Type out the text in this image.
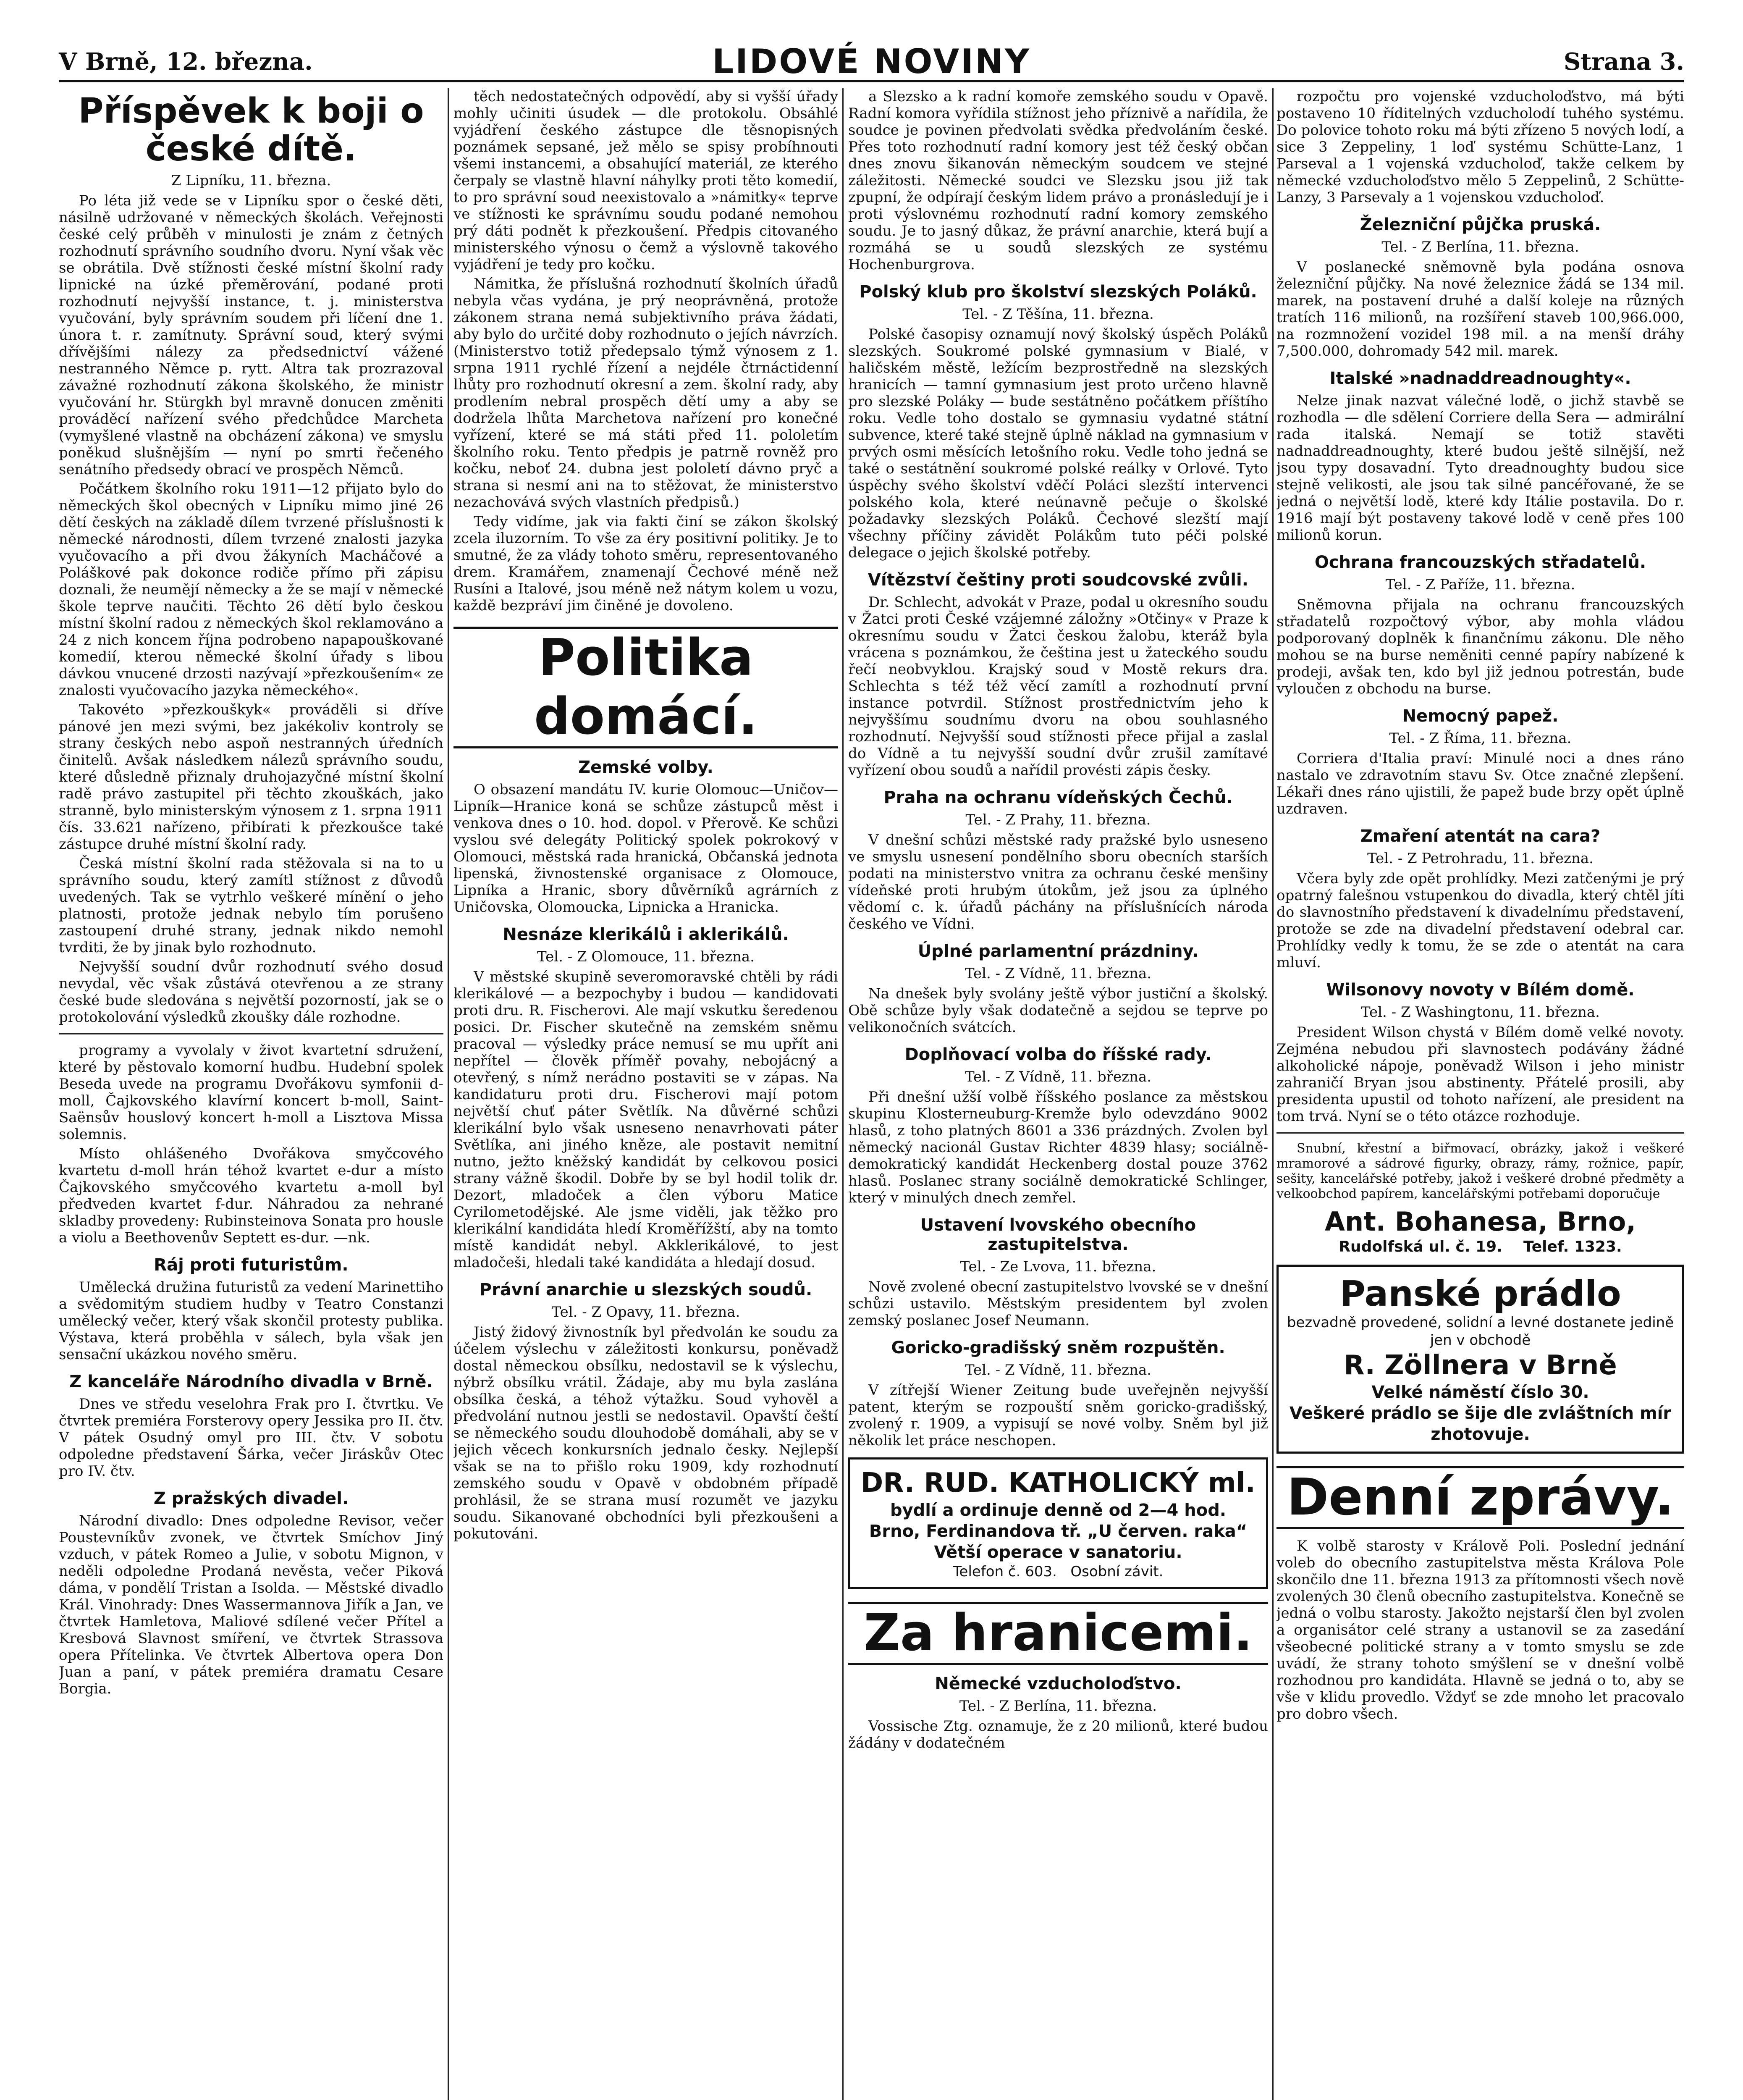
V Brně, 12. března.	LIDOVÉ NOVINY	Strana 3.
Příspěvek k boji o české dítě.
Z Lipníku, 11. března.

Po léta již vede se v Lipníku spor o české děti, násilně udržované v německých školách. Veřejnosti české celý průběh v minulosti je znám z četných rozhodnutí správního soudního dvoru. Nyní však věc se obrátila. Dvě stížnosti české místní školní rady lipnické na úzké přeměrování, podané proti rozhodnutí nejvyšší instance, t. j. ministerstva vyučování, byly správním soudem při líčení dne 1. února t. r. zamítnuty. Správní soud, který svými dřívějšími nálezy za předsednictví vážené nestranného Němce p. rytt. Altra tak prozrazoval závažné rozhodnutí zákona školského, že ministr vyučování hr. Stürgkh byl mravně donucen změniti prováděcí nařízení svého předchůdce Marcheta (vymyšlené vlastně na obcházení zákona) ve smyslu poněkud slušnějším — nyní po smrti řečeného senátního předsedy obrací ve prospěch Němců.

Počátkem školního roku 1911—12 přijato bylo do německých škol obecných v Lipníku mimo jiné 26 dětí českých na základě dílem tvrzené příslušnosti k německé národnosti, dílem tvrzené znalosti jazyka vyučovacího a při dvou žákyních Macháčové a Poláškové pak dokonce rodiče přímo při zápisu doznali, že neumějí německy a že se mají v německé škole teprve naučiti. Těchto 26 dětí bylo českou místní školní radou z německých škol reklamováno a 24 z nich koncem října podrobeno napapouškované komedií, kterou německé školní úřady s libou dávkou vnucené drzosti nazývají »přezkoušením« ze znalosti vyučovacího jazyka německého«.

Takovéto »přezkouškyk« prováděli si dříve pánové jen mezi svými, bez jakékoliv kontroly se strany českých nebo aspoň nestranných úředních činitelů. Avšak následkem nálezů správního soudu, které důsledně přiznaly druhojazyčné místní školní radě právo zastupitel při těchto zkouškách, jako stranně, bylo ministerským výnosem z 1. srpna 1911 čís. 33.621 nařízeno, přibírati k přezkoušce také zástupce druhé místní školní rady.

Česká místní školní rada stěžovala si na to u správního soudu, který zamítl stížnost z důvodů uvedených. Tak se vytrhlo veškeré mínění o jeho platnosti, protože jednak nebylo tím porušeno zastoupení druhé strany, jednak nikdo nemohl tvrditi, že by jinak bylo rozhodnuto.

Nejvyšší soudní dvůr rozhodnutí svého dosud nevydal, věc však zůstává otevřenou a ze strany české bude sledována s největší pozorností, jak se o protokolování výsledků zkoušky dále rozhodne.

programy a vyvolaly v život kvartetní sdružení, které by pěstovalo komorní hudbu. Hudební spolek Beseda uvede na programu Dvořákovu symfonii d-moll, Čajkovského klavírní koncert b-moll, Saint-Saënsův houslový koncert h-moll a Lisztova Missa solemnis.

Místo ohlášeného Dvořákova smyčcového kvartetu d-moll hrán téhož kvartet e-dur a místo Čajkovského smyčcového kvartetu a-moll byl předveden kvartet f-dur. Náhradou za nehrané skladby provedeny: Rubinsteinova Sonata pro housle a violu a Beethovenův Septett es-dur. —nk.

Ráj proti futuristům.

Umělecká družina futuristů za vedení Marinettiho a svědomitým studiem hudby v Teatro Constanzi umělecký večer, který však skončil protesty publika. Výstava, která proběhla v sálech, byla však jen sensační ukázkou nového směru.

Z kanceláře Národního divadla v Brně.

Dnes ve středu veselohra Frak pro I. čtvrtku. Ve čtvrtek premiéra Forsterovy opery Jessika pro II. čtv. V pátek Osudný omyl pro III. čtv. V sobotu odpoledne představení Šárka, večer Jiráskův Otec pro IV. čtv.

Z pražských divadel.

Národní divadlo: Dnes odpoledne Revisor, večer Poustevníkův zvonek, ve čtvrtek Smíchov Jiný vzduch, v pátek Romeo a Julie, v sobotu Mignon, v neděli odpoledne Prodaná nevěsta, večer Piková dáma, v pondělí Tristan a Isolda. — Městské divadlo Král. Vinohrady: Dnes Wassermannova Jiřík a Jan, ve čtvrtek Hamletova, Maliové sdílené večer Přítel a Kresbová Slavnost smíření, ve čtvrtek Strassova opera Přítelinka. Ve čtvrtek Albertova opera Don Juan a paní, v pátek premiéra dramatu Cesare Borgia.

těch nedostatečných odpovědí, aby si vyšší úřady mohly učiniti úsudek — dle protokolu. Obsáhlé vyjádření českého zástupce dle těsnopisných poznámek sepsané, jež mělo se spisy probíhnouti všemi instancemi, a obsahující materiál, ze kterého čerpaly se vlastně hlavní náhylky proti těto komedií, to pro správní soud neexistovalo a »námitky« teprve ve stížnosti ke správnímu soudu podané nemohou prý dáti podnět k přezkoušení. Předpis citovaného ministerského výnosu o čemž a výslovně takového vyjádření je tedy pro kočku.

Námitka, že příslušná rozhodnutí školních úřadů nebyla včas vydána, je prý neoprávněná, protože zákonem strana nemá subjektivního práva žádati, aby bylo do určité doby rozhodnuto o jejích návrzích. (Ministerstvo totiž předepsalo týmž výnosem z 1. srpna 1911 rychlé řízení a nejdéle čtrnáctidenní lhůty pro rozhodnutí okresní a zem. školní rady, aby prodlením nebral prospěch dětí umy a aby se dodržela lhůta Marchetova nařízení pro konečné vyřízení, které se má státi před 11. pololetím školního roku. Tento předpis je patrně rovněž pro kočku, neboť 24. dubna jest pololetí dávno pryč a strana si nesmí ani na to stěžovat, že ministerstvo nezachovává svých vlastních předpisů.)

Tedy vidíme, jak via fakti činí se zákon školský zcela iluzorním. To vše za éry positivní politiky. Je to smutné, že za vlády tohoto směru, representovaného drem. Kramářem, znamenají Čechové méně než Rusíni a Italové, jsou méně než nátym kolem u vozu, každě bezpráví jim činěné je dovoleno.

Politika domácí.
Zemské volby.

O obsazení mandátu IV. kurie Olomouc—Uničov—Lipník—Hranice koná se schůze zástupců měst i venkova dnes o 10. hod. dopol. v Přerově. Ke schůzi vyslou své delegáty Politický spolek pokrokový v Olomouci, městská rada hranická, Občanská jednota lipenská, živnostenské organisace z Olomouce, Lipníka a Hranic, sbory důvěrníků agrárních z Uničovska, Olomoucka, Lipnicka a Hranicka.

Nesnáze klerikálů i aklerikálů.
Tel. - Z Olomouce, 11. března.

V městské skupině severomoravské chtěli by rádi klerikálové — a bezpochyby i budou — kandidovati proti dru. R. Fischerovi. Ale mají vskutku šeredenou posici. Dr. Fischer skutečně na zemském sněmu pracoval — výsledky práce nemusí se mu upřít ani nepřítel — člověk příměř povahy, nebojácný a otevřený, s nímž nerádno postaviti se v zápas. Na kandidaturu proti dru. Fischerovi mají potom největší chuť páter Světlík. Na důvěrné schůzi klerikální bylo však usneseno nenavrhovati páter Světlíka, ani jiného kněze, ale postavit nemitní nutno, ježto kněžský kandidát by celkovou posici strany vážně škodil. Dobře by se byl hodil tolik dr. Dezort, mladoček a člen výboru Matice Cyrilometodějské. Ale jsme viděli, jak těžko pro klerikální kandidáta hledí Kroměřížští, aby na tomto místě kandidát nebyl. Akklerikálové, to jest mladočeši, hledali také kandidáta a hledají dosud.

Právní anarchie u slezských soudů.
Tel. - Z Opavy, 11. března.

Jistý židový živnostník byl předvolán ke soudu za účelem výslechu v záležitosti konkursu, poněvadž dostal německou obsílku, nedostavil se k výslechu, nýbrž obsílku vrátil. Žádaje, aby mu byla zaslána obsílka česká, a téhož výtažku. Soud vyhověl a předvolání nutnou jestli se nedostavil. Opavští čeští se německého soudu dlouhodobě domáhali, aby se v jejich věcech konkursních jednalo česky. Nejlepší však se na to přišlo roku 1909, kdy rozhodnutí zemského soudu v Opavě v obdobném případě prohlásil, že se strana musí rozumět ve jazyku soudu. Sikanované obchodníci byli přezkoušeni a pokutováni.

a Slezsko a k radní komoře zemského soudu v Opavě. Radní komora vyřídila stížnost jeho příznivě a nařídila, že soudce je povinen předvolati svědka předvoláním české. Přes toto rozhodnutí radní komory jest též český občan dnes znovu šikanován německým soudcem ve stejné záležitosti. Německé soudci ve Slezsku jsou již tak zpupní, že odpírají českým lidem právo a pronásledují je i proti výslovnému rozhodnutí radní komory zemského soudu. Je to jasný důkaz, že právní anarchie, která bují a rozmáhá se u soudů slezských ze systému Hochenburgrova.

Polský klub pro školství slezských Poláků.
Tel. - Z Těšína, 11. března.

Polské časopisy oznamují nový školský úspěch Poláků slezských. Soukromé polské gymnasium v Bialé, v haličském městě, ležícím bezprostředně na slezských hranicích — tamní gymnasium jest proto určeno hlavně pro slezské Poláky — bude sestátněno počátkem příštího roku. Vedle toho dostalo se gymnasiu vydatné státní subvence, které také stejně úplně náklad na gymnasium v prvých osmi měsících letošního roku. Vedle toho jedná se také o sestátnění soukromé polské reálky v Orlové. Tyto úspěchy svého školství vděčí Poláci slezští intervenci polského kola, které neúnavně pečuje o školské požadavky slezských Poláků. Čechové slezští mají všechny příčiny závidět Polákům tuto péči polské delegace o jejich školské potřeby.

Vítězství češtiny proti soudcovské zvůli.

Dr. Schlecht, advokát v Praze, podal u okresního soudu v Žatci proti České vzájemné záložny »Otčiny« v Praze k okresnímu soudu v Žatci českou žalobu, kteráž byla vrácena s poznámkou, že čeština jest u žateckého soudu řečí neobvyklou. Krajský soud v Mostě rekurs dra. Schlechta s též též věcí zamítl a rozhodnutí první instance potvrdil. Stížnost prostřednictvím jeho k nejvyššímu soudnímu dvoru na obou souhlasného rozhodnutí. Nejvyšší soud stížnosti přece přijal a zaslal do Vídně a tu nejvyšší soudní dvůr zrušil zamítavé vyřízení obou soudů a nařídil provésti zápis česky.

Praha na ochranu vídeňských Čechů.
Tel. - Z Prahy, 11. března.

V dnešní schůzi městské rady pražské bylo usneseno ve smyslu usnesení pondělního sboru obecních starších podati na ministerstvo vnitra za ochranu české menšiny vídeňské proti hrubým útokům, jež jsou za úplného vědomí c. k. úřadů páchány na příslušnících národa českého ve Vídni.

Úplné parlamentní prázdniny.
Tel. - Z Vídně, 11. března.

Na dnešek byly svolány ještě výbor justiční a školský. Obě schůze byly však dodatečně a sejdou se teprve po velikonočních svátcích.

Doplňovací volba do říšské rady.
Tel. - Z Vídně, 11. března.

Při dnešní užší volbě říšského poslance za městskou skupinu Klosterneuburg-Kremže bylo odevzdáno 9002 hlasů, z toho platných 8601 a 336 prázdných. Zvolen byl německý nacionál Gustav Richter 4839 hlasy; sociálně-demokratický kandidát Heckenberg dostal pouze 3762 hlasů. Poslanec strany sociálně demokratické Schlinger, který v minulých dnech zemřel.

Ustavení lvovského obecního zastupitelstva.
Tel. - Ze Lvova, 11. března.

Nově zvolené obecní zastupitelstvo lvovské se v dnešní schůzi ustavilo. Městským presidentem byl zvolen zemský poslanec Josef Neumann.

Goricko-gradišský sněm rozpuštěn.
Tel. - Z Vídně, 11. března.

V zítřejší Wiener Zeitung bude uveřejněn nejvyšší patent, kterým se rozpouští sněm goricko-gradišský, zvolený r. 1909, a vypisují se nové volby. Sněm byl již několik let práce neschopen.

DR. RUD. KATHOLICKÝ ml.
bydlí a ordinuje denně od 2—4 hod.
Brno, Ferdinandova tř. „U červen. raka“
Větší operace v sanatoriu.
Telefon č. 603. Osobní závit.
Za hranicemi.
Německé vzducholoďstvo.
Tel. - Z Berlína, 11. března.

Vossische Ztg. oznamuje, že z 20 milionů, které budou žádány v dodatečném

rozpočtu pro vojenské vzducholoďstvo, má býti postaveno 10 říditelných vzducholodí tuhého systému. Do polovice tohoto roku má býti zřízeno 5 nových lodí, a sice 3 Zeppeliny, 1 loď systému Schütte-Lanz, 1 Parseval a 1 vojenská vzducholoď, takže celkem by německé vzducholoďstvo mělo 5 Zeppelinů, 2 Schütte-Lanzy, 3 Parsevaly a 1 vojenskou vzducholoď.

Železniční půjčka pruská.
Tel. - Z Berlína, 11. března.

V poslanecké sněmovně byla podána osnova železniční půjčky. Na nové železnice žádá se 134 mil. marek, na postavení druhé a další koleje na různých tratích 116 milionů, na rozšíření staveb 100,966.000, na rozmnožení vozidel 198 mil. a na menší dráhy 7,500.000, dohromady 542 mil. marek.

Italské »nadnaddreadnoughty«.

Nelze jinak nazvat válečné lodě, o jichž stavbě se rozhodla — dle sdělení Corriere della Sera — admirální rada italská. Nemají se totiž stavěti nadnaddreadnoughty, které budou ještě silnější, než jsou typy dosavadní. Tyto dreadnoughty budou sice stejně velikosti, ale jsou tak silné pancéřované, že se jedná o největší lodě, které kdy Itálie postavila. Do r. 1916 mají být postaveny takové lodě v ceně přes 100 milionů korun.

Ochrana francouzských střadatelů.
Tel. - Z Paříže, 11. března.

Sněmovna přijala na ochranu francouzských střadatelů rozpočtový výbor, aby mohla vládou podporovaný doplněk k finančnímu zákonu. Dle něho mohou se na burse neměniti cenné papíry nabízené k prodeji, avšak ten, kdo byl již jednou potrestán, bude vyloučen z obchodu na burse.

Nemocný papež.
Tel. - Z Říma, 11. března.

Corriera d'Italia praví: Minulé noci a dnes ráno nastalo ve zdravotním stavu Sv. Otce značné zlepšení. Lékaři dnes ráno ujistili, že papež bude brzy opět úplně uzdraven.

Zmaření atentát na cara?
Tel. - Z Petrohradu, 11. března.

Včera byly zde opět prohlídky. Mezi zatčenými je prý opatrný falešnou vstupenkou do divadla, který chtěl jíti do slavnostního představení k divadelnímu představení, protože se zde na divadelní představení odebral car. Prohlídky vedly k tomu, že se zde o atentát na cara mluví.

Wilsonovy novoty v Bílém domě.
Tel. - Z Washingtonu, 11. března.

President Wilson chystá v Bílém domě velké novoty. Zejména nebudou při slavnostech podávány žádné alkoholické nápoje, poněvadž Wilson i jeho ministr zahraničí Bryan jsou abstinenty. Přátelé prosili, aby presidenta upustil od tohoto nařízení, ale president na tom trvá. Nyní se o této otázce rozhoduje.

Snubní, křestní a biřmovací, obrázky, jakož i veškeré mramorové a sádrové figurky, obrazy, rámy, rožnice, papír, sešity, kancelářské potřeby, jakož i veškeré drobné předměty a velkoobchod papírem, kancelářskými potřebami doporučuje

Ant. Bohanesa, Brno,
Rudolfská ul. č. 19. Telef. 1323.
Panské prádlo
bezvadně provedené, solidní a levné dostanete jedině jen v obchodě
R. Zöllnera v Brně
Velké náměstí číslo 30.
Veškeré prádlo se šije dle zvláštních mír zhotovuje.
Denní zprávy.

K volbě starosty v Králově Poli. Poslední jednání voleb do obecního zastupitelstva města Králova Pole skončilo dne 11. března 1913 za přítomnosti všech nově zvolených 30 členů obecního zastupitelstva. Konečně se jedná o volbu starosty. Jakožto nejstarší člen byl zvolen a organisátor celé strany a ustanovil se za zasedání všeobecné politické strany a v tomto smyslu se zde uvádí, že strany tohoto smýšlení se v dnešní volbě rozhodnou pro kandidáta. Hlavně se jedná o to, aby se vše v klidu provedlo. Vždyť se zde mnoho let pracovalo pro dobro všech.
